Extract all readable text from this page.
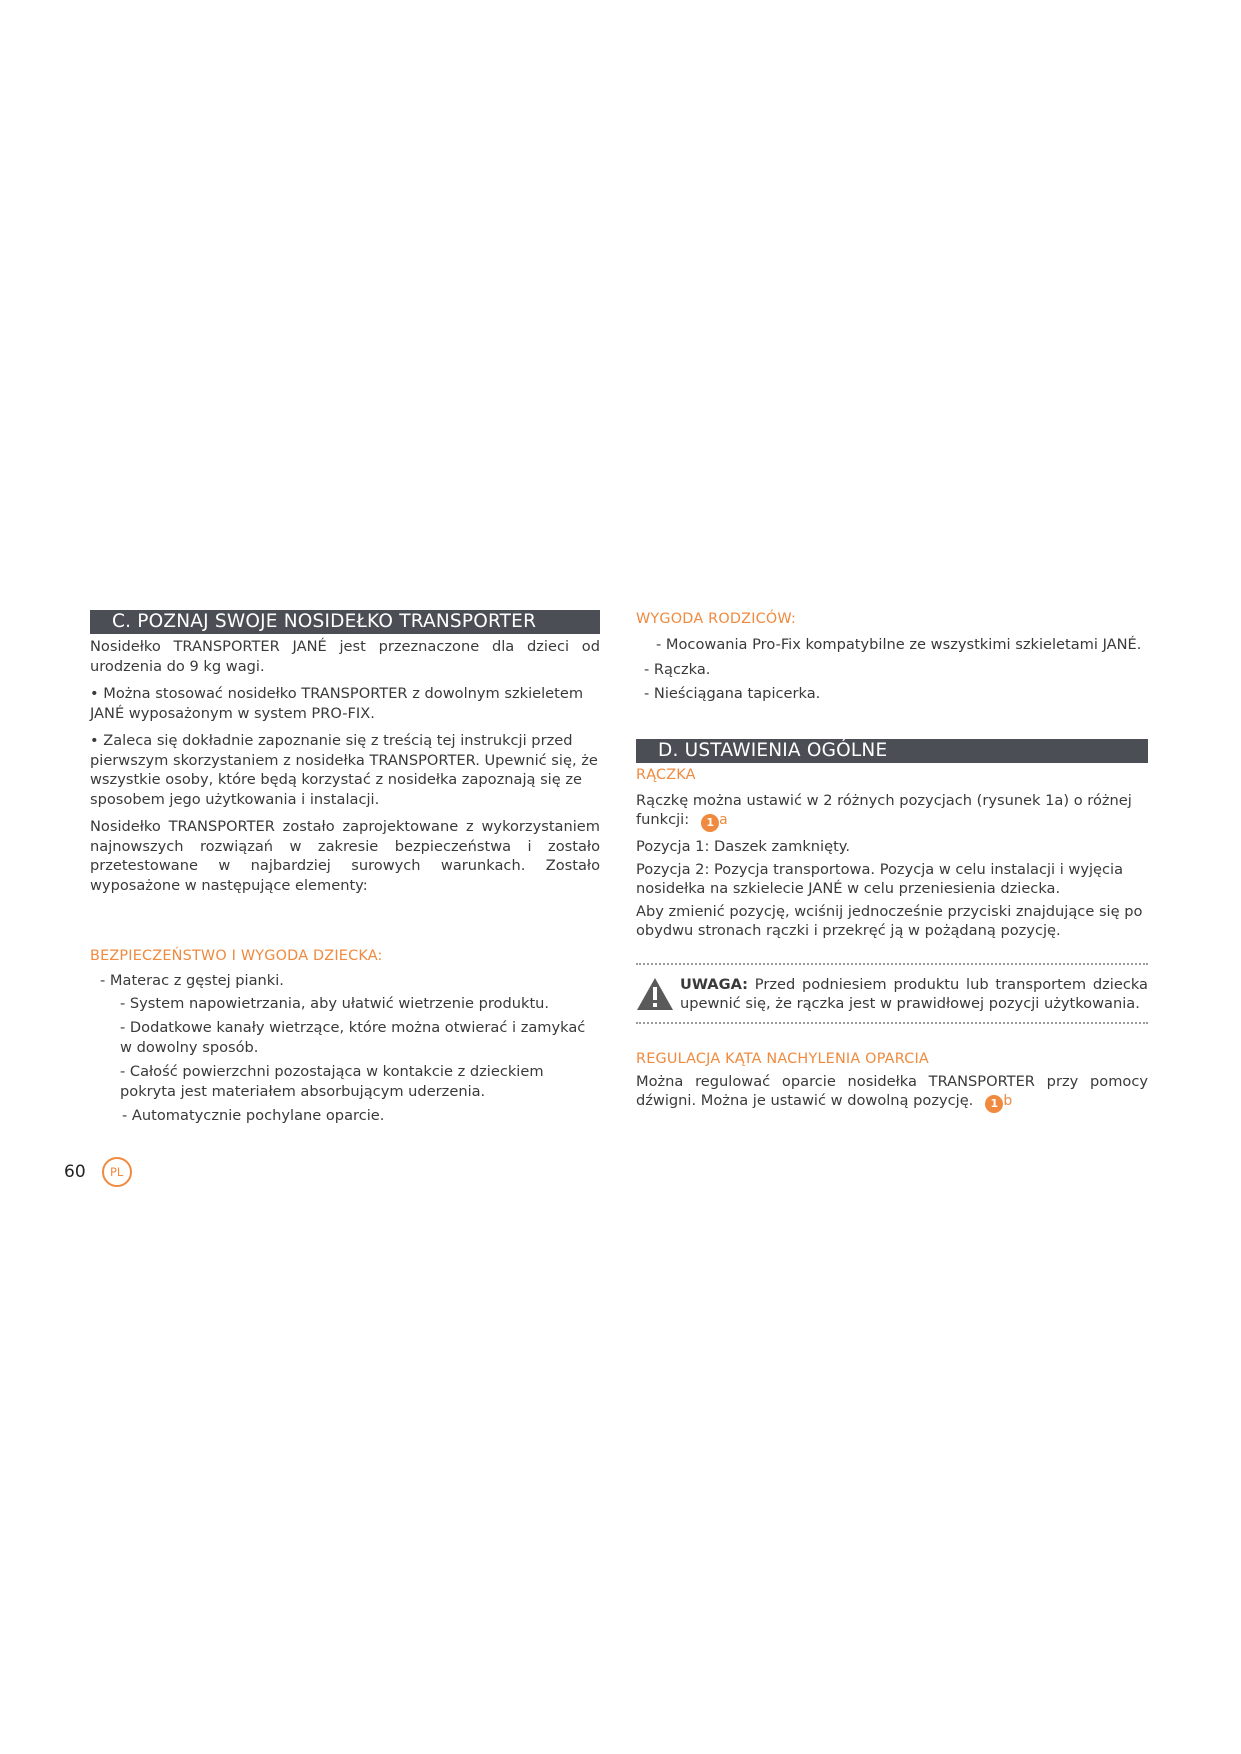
C. POZNAJ SWOJE NOSIDEŁKO TRANSPORTER

Nosidełko TRANSPORTER JANÉ jest przeznaczone dla dzieci od urodzenia do 9 kg wagi.

• Można stosować nosidełko TRANSPORTER z dowolnym szkieletem JANÉ wyposażonym w system PRO-FIX.

• Zaleca się dokładnie zapoznanie się z treścią tej instrukcji przed pierwszym skorzystaniem z nosidełka TRANSPORTER. Upewnić się, że wszystkie osoby, które będą korzystać z nosidełka zapoznają się ze sposobem jego użytkowania i instalacji.

Nosidełko TRANSPORTER zostało zaprojektowane z wykorzystaniem najnowszych rozwiązań w zakresie bezpieczeństwa i zostało przetestowane w najbardziej surowych warunkach. Zostało wyposażone w następujące elementy:

BEZPIECZEŃSTWO I WYGODA DZIECKA:

- Materac z gęstej pianki.

- System napowietrzania, aby ułatwić wietrzenie produktu.

- Dodatkowe kanały wietrzące, które można otwierać i zamykać w dowolny sposób.

- Całość powierzchni pozostająca w kontakcie z dzieckiem pokryta jest materiałem absorbującym uderzenia.

- Automatycznie pochylane oparcie.

WYGODA RODZICÓW:

- Mocowania Pro-Fix kompatybilne ze wszystkimi szkieletami JANÉ.

- Rączka.

- Nieściągana tapicerka.

D. USTAWIENIA OGÓLNE

RĄCZKA

Rączkę można ustawić w 2 różnych pozycjach (rysunek 1a) o różnej funkcji: 1 a

Pozycja 1: Daszek zamknięty.

Pozycja 2: Pozycja transportowa. Pozycja w celu instalacji i wyjęcia nosidełka na szkielecie JANÉ w celu przeniesienia dziecka.

Aby zmienić pozycję, wciśnij jednocześnie przyciski znajdujące się po obydwu stronach rączki i przekręć ją w pożądaną pozycję.

UWAGA: Przed podniesiem produktu lub transportem dziecka upewnić się, że rączka jest w prawidłowej pozycji użytkowania.

REGULACJA KĄTA NACHYLENIA OPARCIA

Można regulować oparcie nosidełka TRANSPORTER przy pomocy dźwigni. Można je ustawić w dowolną pozycję. 1 b

60	PL
